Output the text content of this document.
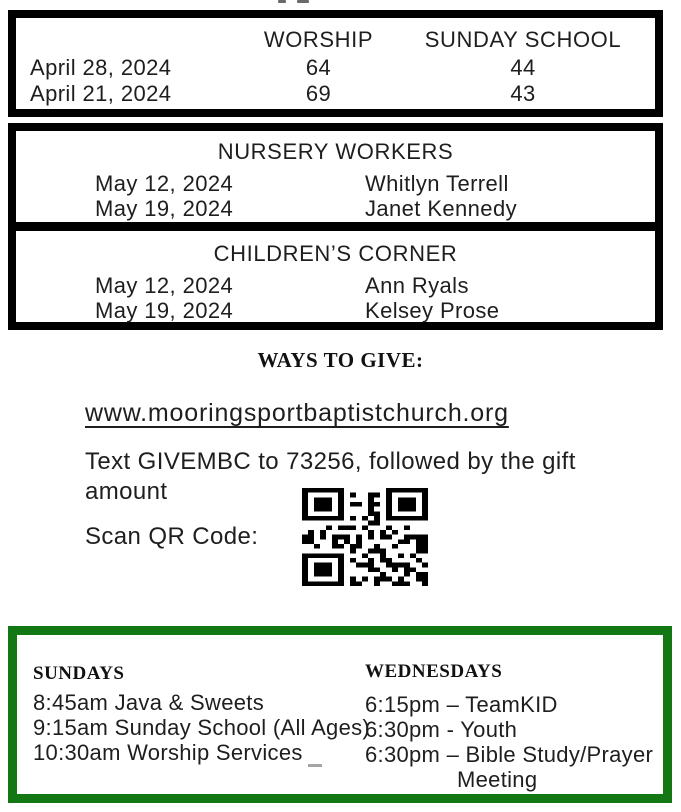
WORSHIP	SUNDAY SCHOOL
April 28, 2024	64	44
April 21, 2024	69	43
NURSERY WORKERS
May 12, 2024	Whitlyn Terrell
May 19, 2024	Janet Kennedy
CHILDREN’S CORNER
May 12, 2024	Ann Ryals
May 19, 2024	Kelsey Prose
WAYS TO GIVE:
www.mooringsportbaptistchurch.org
Text GIVEMBC to 73256, followed by the gift amount
Scan QR Code:
SUNDAYS
8:45am Java & Sweets
9:15am Sunday School (All Ages)
10:30am Worship Services
WEDNESDAYS
6:15pm – TeamKID
6:30pm - Youth
6:30pm – Bible Study/Prayer
Meeting
